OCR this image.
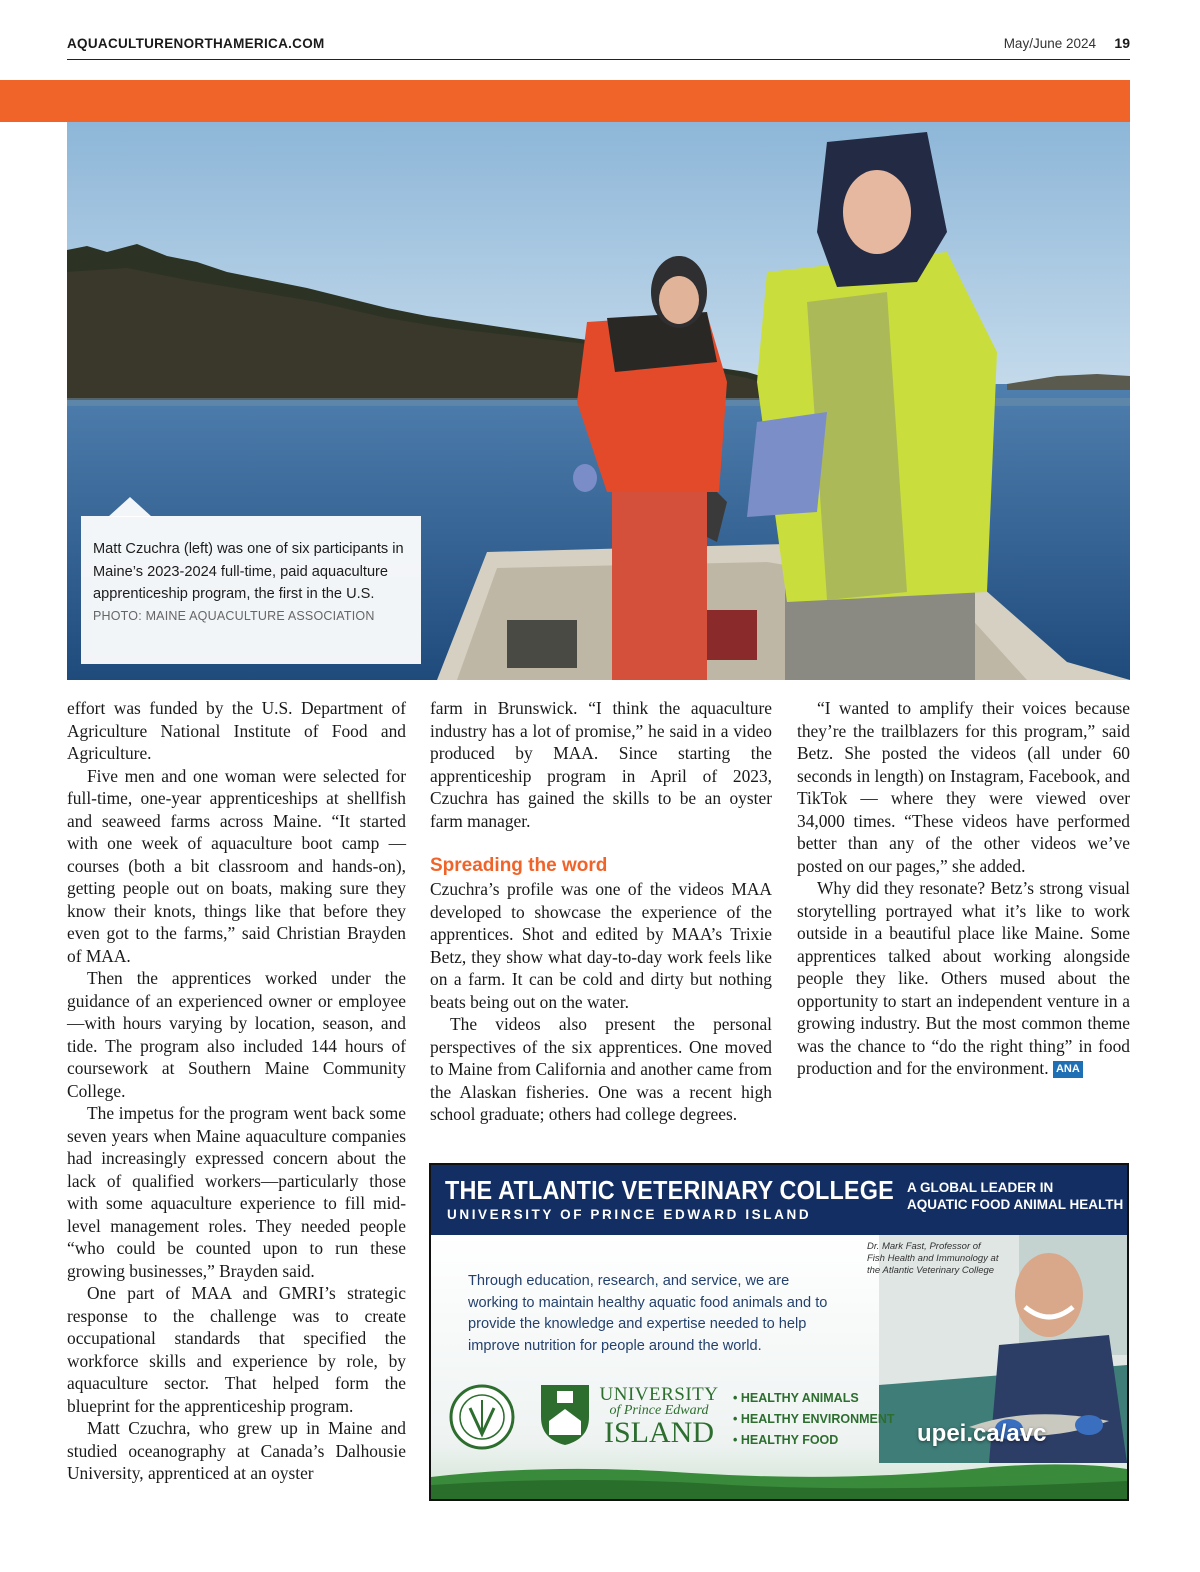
AQUACULTURENORTHAMERICA.COM	May/June 2024 19
Matt Czuchra (left) was one of six participants in Maine’s 2023-2024 full-time, paid aquaculture apprenticeship program, the first in the U.S.
PHOTO: MAINE AQUACULTURE ASSOCIATION

effort was funded by the U.S. Department of Agriculture National Institute of Food and Agriculture.

Five men and one woman were selected for full-time, one-year apprenticeships at shellfish and seaweed farms across Maine. “It started with one week of aquaculture boot camp — courses (both a bit classroom and hands-on), getting people out on boats, making sure they know their knots, things like that before they even got to the farms,” said Christian Brayden of MAA.

Then the apprentices worked under the guidance of an experienced owner or employee—with hours varying by location, season, and tide. The program also included 144 hours of coursework at Southern Maine Community College.

The impetus for the program went back some seven years when Maine aquaculture companies had increasingly expressed concern about the lack of qualified workers—particularly those with some aquaculture experience to fill mid-level management roles. They needed people “who could be counted upon to run these growing businesses,” Brayden said.

One part of MAA and GMRI’s strategic response to the challenge was to create occupational standards that specified the workforce skills and experience by role, by aquaculture sector. That helped form the blueprint for the apprenticeship program.

Matt Czuchra, who grew up in Maine and studied oceanography at Canada’s Dalhousie University, apprenticed at an oyster

farm in Brunswick. “I think the aquaculture industry has a lot of promise,” he said in a video produced by MAA. Since starting the apprenticeship program in April of 2023, Czuchra has gained the skills to be an oyster farm manager.

Spreading the word

Czuchra’s profile was one of the videos MAA developed to showcase the experience of the apprentices. Shot and edited by MAA’s Trixie Betz, they show what day-to-day work feels like on a farm. It can be cold and dirty but nothing beats being out on the water.

The videos also present the personal perspectives of the six apprentices. One moved to Maine from California and another came from the Alaskan fisheries. One was a recent high school graduate; others had college degrees.

“I wanted to amplify their voices because they’re the trailblazers for this program,” said Betz. She posted the videos (all under 60 seconds in length) on Instagram, Facebook, and TikTok — where they were viewed over 34,000 times. “These videos have performed better than any of the other videos we’ve posted on our pages,” she added.

Why did they resonate? Betz’s strong visual storytelling portrayed what it’s like to work outside in a beautiful place like Maine. Some apprentices talked about working alongside people they like. Others mused about the opportunity to start an independent venture in a growing industry. But the most common theme was the chance to “do the right thing” in food production and for the environment. ANA

THE ATLANTIC VETERINARY COLLEGE
UNIVERSITY OF PRINCE EDWARD ISLAND
A GLOBAL LEADER IN
AQUATIC FOOD ANIMAL HEALTH
Dr. Mark Fast, Professor of Fish Health and Immunology at the Atlantic Veterinary College
Through education, research, and service, we are working to maintain healthy aquatic food animals and to provide the knowledge and expertise needed to help improve nutrition for people around the world.
UNIVERSITY
of Prince Edward
ISLAND
• HEALTHY ANIMALS
• HEALTHY ENVIRONMENT
• HEALTHY FOOD	upei.ca/avc
